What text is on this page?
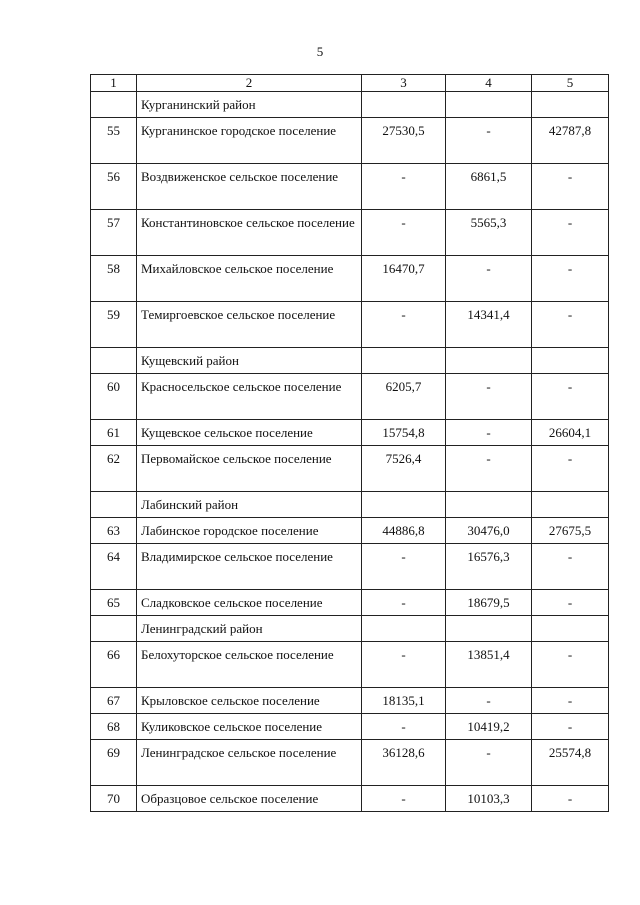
5
1	2	3	4	5
	Курганинский район			
55	Курганинское городское поселение	27530,5	-	42787,8
56	Воздвиженское сельское поселение	-	6861,5	-
57	Константиновское сельское поселение	-	5565,3	-
58	Михайловское сельское поселение	16470,7	-	-
59	Темиргоевское сельское поселение	-	14341,4	-
	Кущевский район			
60	Красносельское сельское поселение	6205,7	-	-
61	Кущевское сельское поселение	15754,8	-	26604,1
62	Первомайское сельское поселение	7526,4	-	-
	Лабинский район			
63	Лабинское городское поселение	44886,8	30476,0	27675,5
64	Владимирское сельское поселение	-	16576,3	-
65	Сладковское сельское поселение	-	18679,5	-
	Ленинградский район			
66	Белохуторское сельское поселение	-	13851,4	-
67	Крыловское сельское поселение	18135,1	-	-
68	Куликовское сельское поселение	-	10419,2	-
69	Ленинградское сельское поселение	36128,6	-	25574,8
70	Образцовое сельское поселение	-	10103,3	-
